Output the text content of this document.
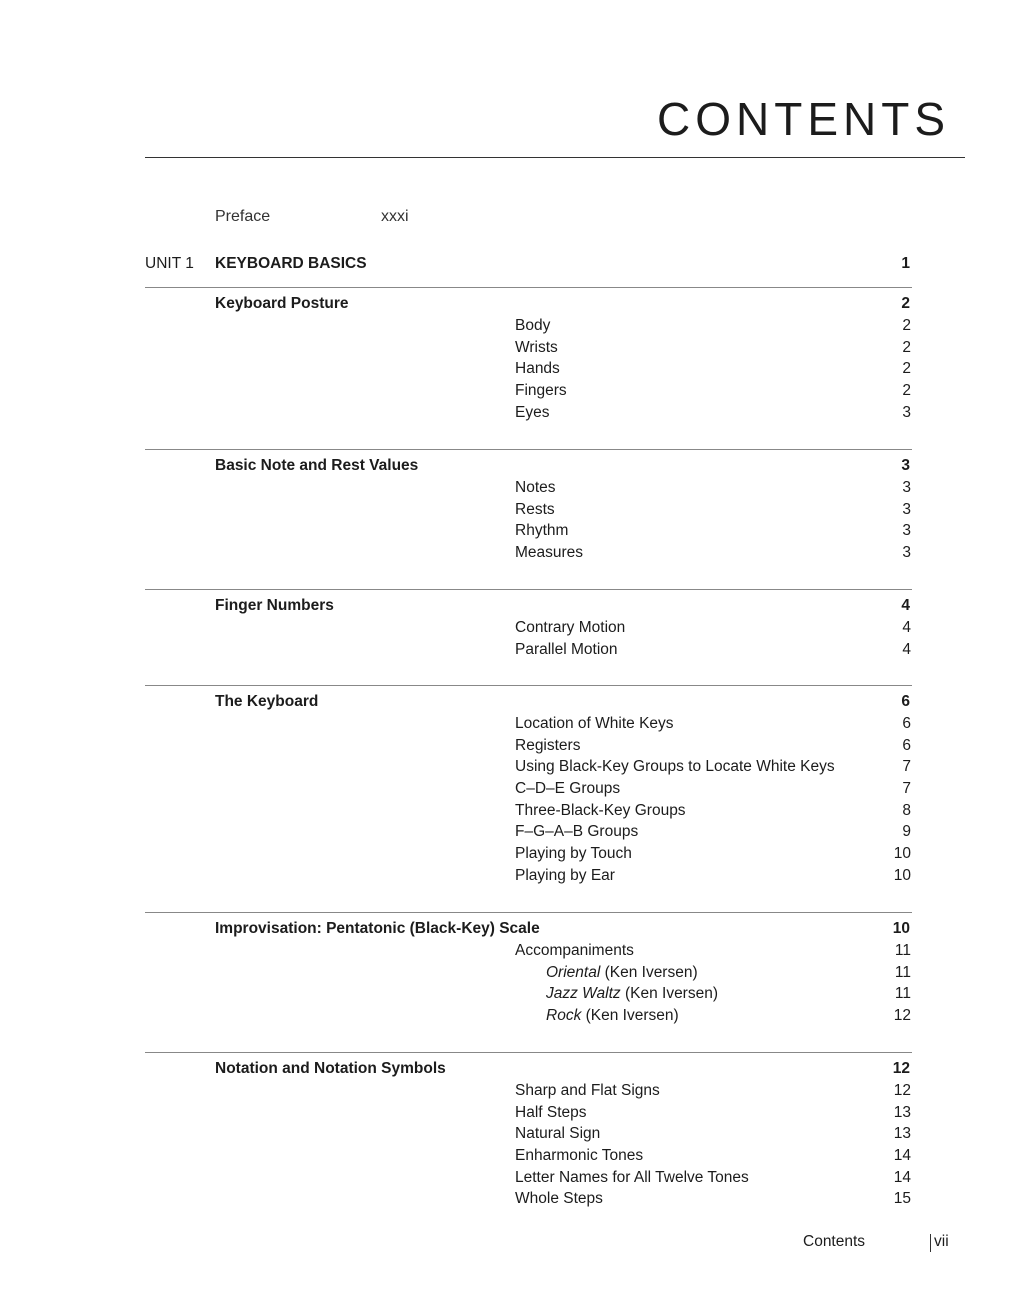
CONTENTS
Preface	xxxi
UNIT 1 KEYBOARD BASICS	1
Keyboard Posture	2
Body	2
Wrists	2
Hands	2
Fingers	2
Eyes	3
Basic Note and Rest Values	3
Notes	3
Rests	3
Rhythm	3
Measures	3
Finger Numbers	4
Contrary Motion	4
Parallel Motion	4
The Keyboard	6
Location of White Keys	6
Registers	6
Using Black-Key Groups to Locate White Keys	7
C–D–E Groups	7
Three-Black-Key Groups	8
F–G–A–B Groups	9
Playing by Touch	10
Playing by Ear	10
Improvisation: Pentatonic (Black-Key) Scale	10
Accompaniments	11
Oriental (Ken Iversen)	11
Jazz Waltz (Ken Iversen)	11
Rock (Ken Iversen)	12
Notation and Notation Symbols	12
Sharp and Flat Signs	12
Half Steps	13
Natural Sign	13
Enharmonic Tones	14
Letter Names for All Twelve Tones	14
Whole Steps	15
Contents	vii
